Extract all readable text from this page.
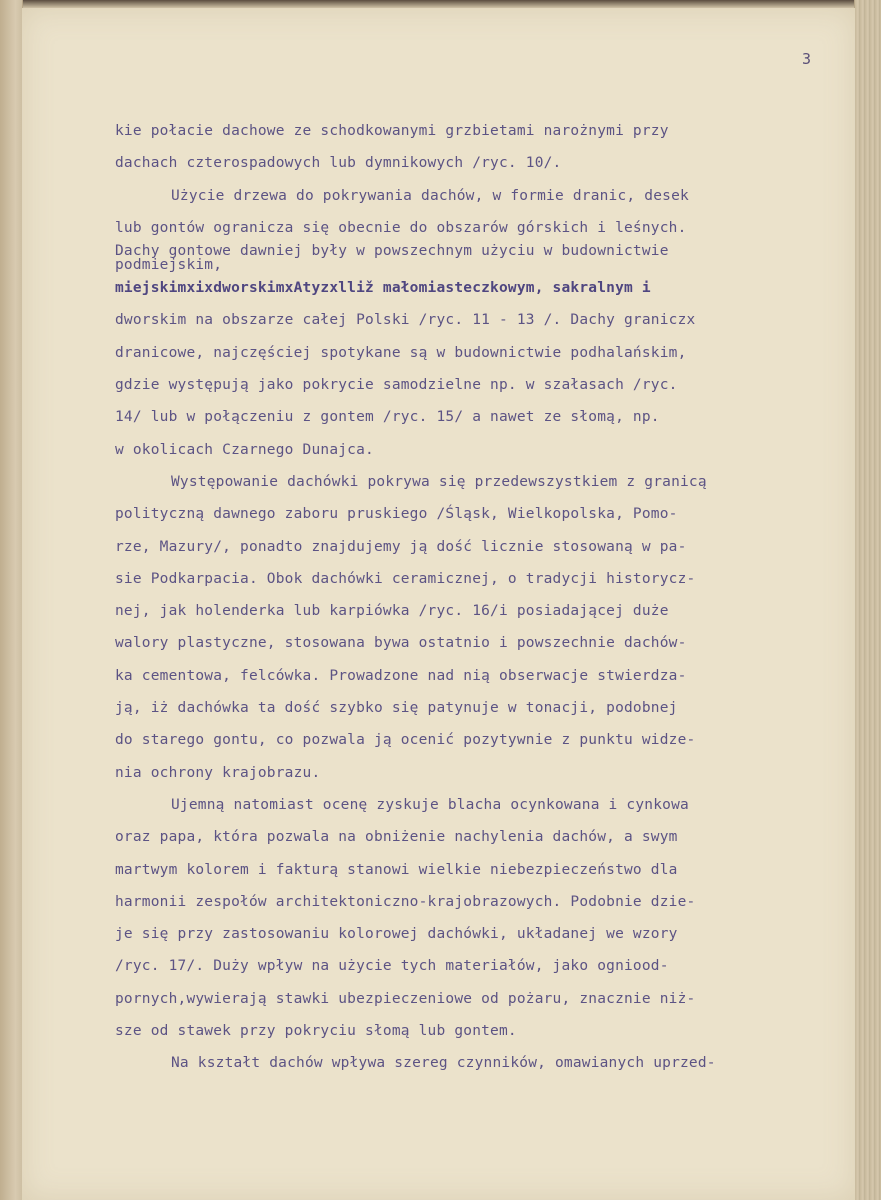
3
kie połacie dachowe ze schodkowanymi grzbietami narożnymi przy
dachach czterospadowych lub dymnikowych /ryc. 10/.
Użycie drzewa do pokrywania dachów, w formie dranic, desek
lub gontów ogranicza się obecnie do obszarów górskich i leśnych.
Dachy gontowe dawniej były w powszechnym użyciu w budownictwie
podmiejskim,
miejskimxixdworskimxAtyzxlliž małomiasteczkowym, sakralnym i
dworskim na obszarze całej Polski /ryc. 11 - 13 /. Dachy graniczx
dranicowe, najczęściej spotykane są w budownictwie podhalańskim,
gdzie występują jako pokrycie samodzielne np. w szałasach /ryc.
14/ lub w połączeniu z gontem /ryc. 15/ a nawet ze słomą, np.
w okolicach Czarnego Dunajca.
Występowanie dachówki pokrywa się przedewszystkiem z granicą
polityczną dawnego zaboru pruskiego /Śląsk, Wielkopolska, Pomo-
rze, Mazury/, ponadto znajdujemy ją dość licznie stosowaną w pa-
sie Podkarpacia. Obok dachówki ceramicznej, o tradycji historycz-
nej, jak holenderka lub karpiówka /ryc. 16/i posiadającej duże
walory plastyczne, stosowana bywa ostatnio i powszechnie dachów-
ka cementowa, felcówka. Prowadzone nad nią obserwacje stwierdza-
ją, iż dachówka ta dość szybko się patynuje w tonacji, podobnej
do starego gontu, co pozwala ją ocenić pozytywnie z punktu widze-
nia ochrony krajobrazu.
Ujemną natomiast ocenę zyskuje blacha ocynkowana i cynkowa
oraz papa, która pozwala na obniżenie nachylenia dachów, a swym
martwym kolorem i fakturą stanowi wielkie niebezpieczeństwo dla
harmonii zespołów architektoniczno-krajobrazowych. Podobnie dzie-
je się przy zastosowaniu kolorowej dachówki, układanej we wzory
/ryc. 17/. Duży wpływ na użycie tych materiałów, jako ogniood-
pornych,wywierają stawki ubezpieczeniowe od pożaru, znacznie niż-
sze od stawek przy pokryciu słomą lub gontem.
Na kształt dachów wpływa szereg czynników, omawianych uprzed-
